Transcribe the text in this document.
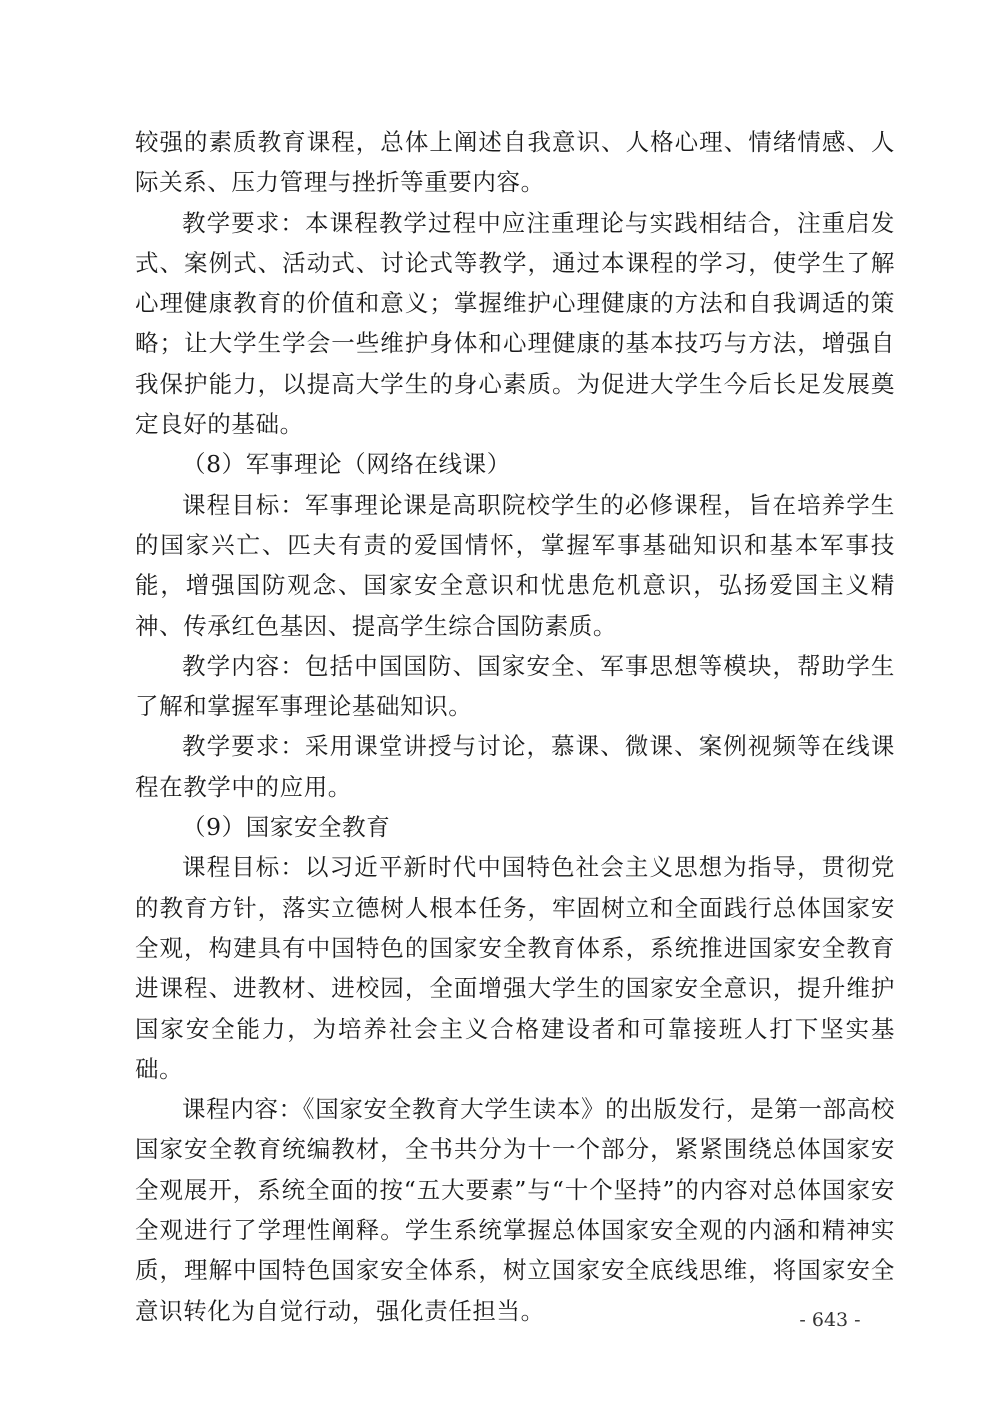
较强的素质教育课程，总体上阐述自我意识、人格心理、情绪情感、人际关系、压力管理与挫折等重要内容。

教学要求：本课程教学过程中应注重理论与实践相结合，注重启发式、案例式、活动式、讨论式等教学，通过本课程的学习，使学生了解心理健康教育的价值和意义；掌握维护心理健康的方法和自我调适的策略；让大学生学会一些维护身体和心理健康的基本技巧与方法，增强自我保护能力，以提高大学生的身心素质。为促进大学生今后长足发展奠定良好的基础。

（8）军事理论（网络在线课）

课程目标：军事理论课是高职院校学生的必修课程，旨在培养学生的国家兴亡、匹夫有责的爱国情怀，掌握军事基础知识和基本军事技能，增强国防观念、国家安全意识和忧患危机意识，弘扬爱国主义精神、传承红色基因、提高学生综合国防素质。

教学内容：包括中国国防、国家安全、军事思想等模块，帮助学生了解和掌握军事理论基础知识。

教学要求：采用课堂讲授与讨论，慕课、微课、案例视频等在线课程在教学中的应用。

（9）国家安全教育

课程目标：以习近平新时代中国特色社会主义思想为指导，贯彻党的教育方针，落实立德树人根本任务，牢固树立和全面践行总体国家安全观，构建具有中国特色的国家安全教育体系，系统推进国家安全教育进课程、进教材、进校园，全面增强大学生的国家安全意识，提升维护国家安全能力，为培养社会主义合格建设者和可靠接班人打下坚实基础。

课程内容：《国家安全教育大学生读本》的出版发行，是第一部高校国家安全教育统编教材，全书共分为十一个部分，紧紧围绕总体国家安全观展开，系统全面的按“五大要素”与“十个坚持”的内容对总体国家安全观进行了学理性阐释。学生系统掌握总体国家安全观的内涵和精神实质，理解中国特色国家安全体系，树立国家安全底线思维，将国家安全意识转化为自觉行动，强化责任担当。	- 643 -
